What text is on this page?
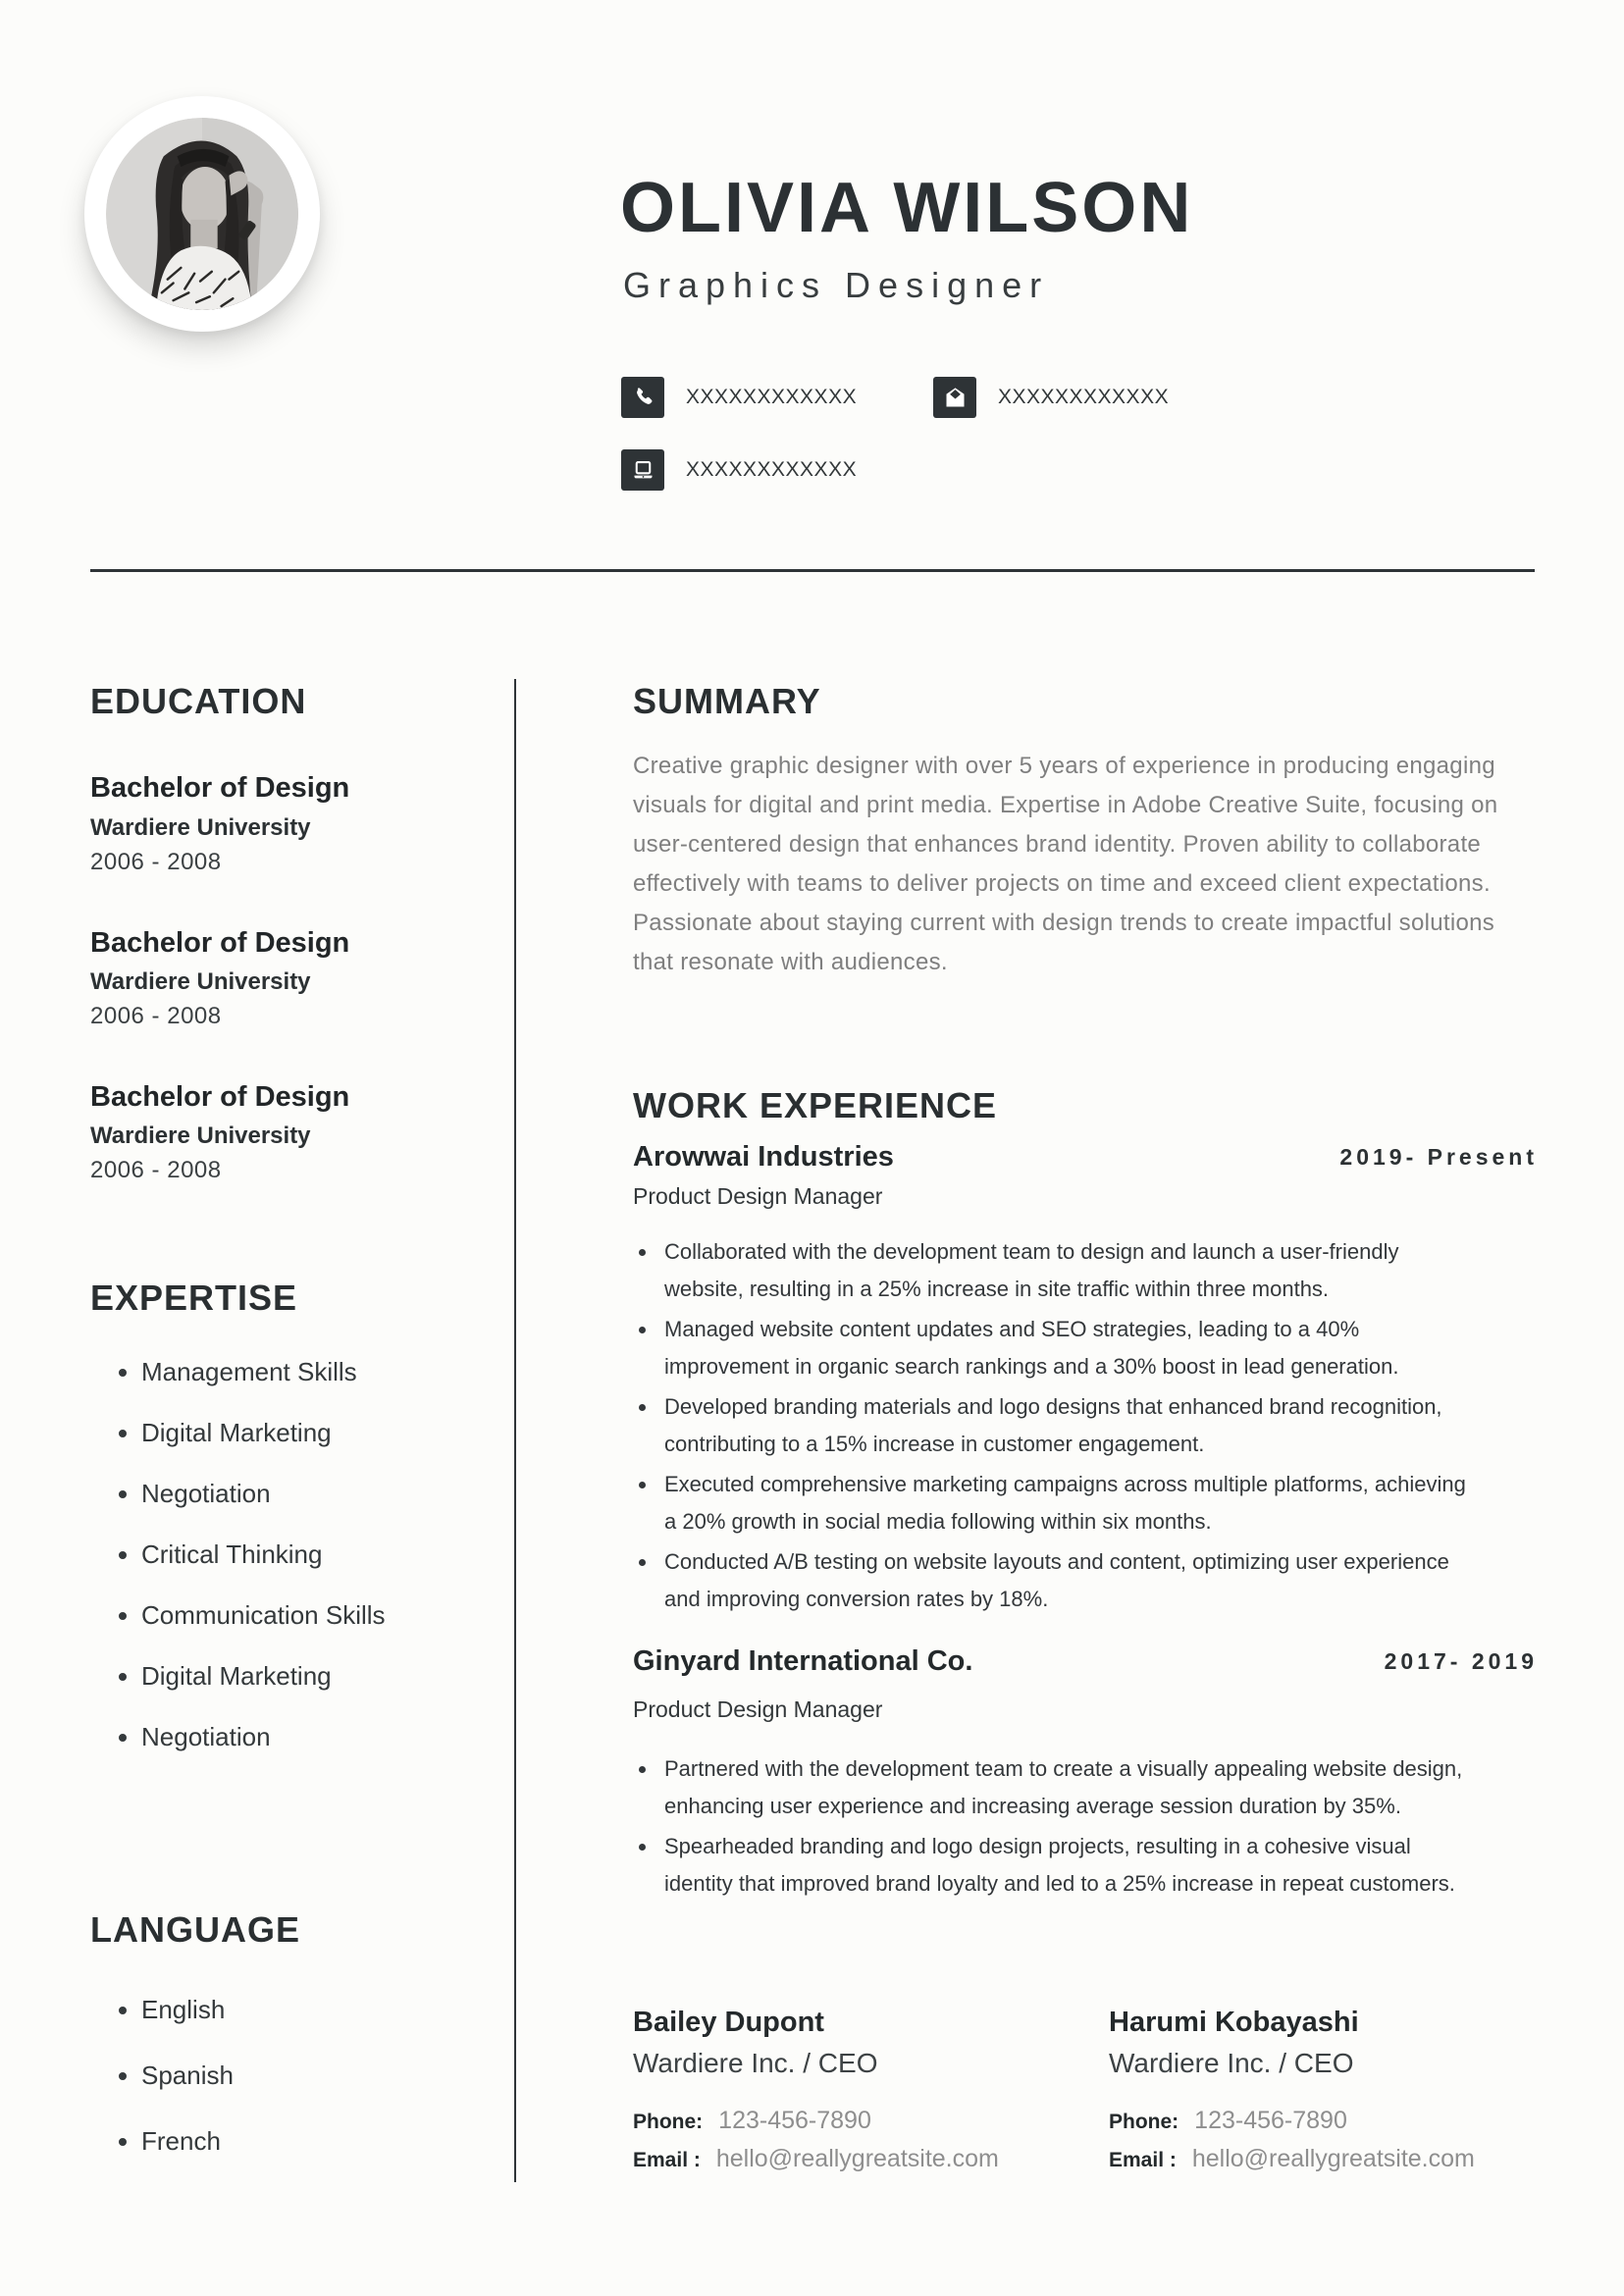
OLIVIA WILSON
Graphics Designer
XXXXXXXXXXXX	XXXXXXXXXXXX
XXXXXXXXXXXX
EDUCATION
Bachelor of Design
Wardiere University
2006 - 2008
Bachelor of Design
Wardiere University
2006 - 2008
Bachelor of Design
Wardiere University
2006 - 2008
EXPERTISE
• Management Skills
• Digital Marketing
• Negotiation
• Critical Thinking
• Communication Skills
• Digital Marketing
• Negotiation
LANGUAGE
• English
• Spanish
• French
SUMMARY

Creative graphic designer with over 5 years of experience in producing engaging visuals for digital and print media. Expertise in Adobe Creative Suite, focusing on user-centered design that enhances brand identity. Proven ability to collaborate effectively with teams to deliver projects on time and exceed client expectations. Passionate about staying current with design trends to create impactful solutions that resonate with audiences.

WORK EXPERIENCE
Arowwai Industries	2019- Present
Product Design Manager
• Collaborated with the development team to design and launch a user-friendly website, resulting in a 25% increase in site traffic within three months.
• Managed website content updates and SEO strategies, leading to a 40% improvement in organic search rankings and a 30% boost in lead generation.
• Developed branding materials and logo designs that enhanced brand recognition, contributing to a 15% increase in customer engagement.
• Executed comprehensive marketing campaigns across multiple platforms, achieving a 20% growth in social media following within six months.
• Conducted A/B testing on website layouts and content, optimizing user experience and improving conversion rates by 18%.
Ginyard International Co.	2017- 2019
Product Design Manager
• Partnered with the development team to create a visually appealing website design, enhancing user experience and increasing average session duration by 35%.
• Spearheaded branding and logo design projects, resulting in a cohesive visual identity that improved brand loyalty and led to a 25% increase in repeat customers.
Bailey Dupont
Wardiere Inc. / CEO
Phone: 123-456-7890
Email : hello@reallygreatsite.com
Harumi Kobayashi
Wardiere Inc. / CEO
Phone: 123-456-7890
Email : hello@reallygreatsite.com
